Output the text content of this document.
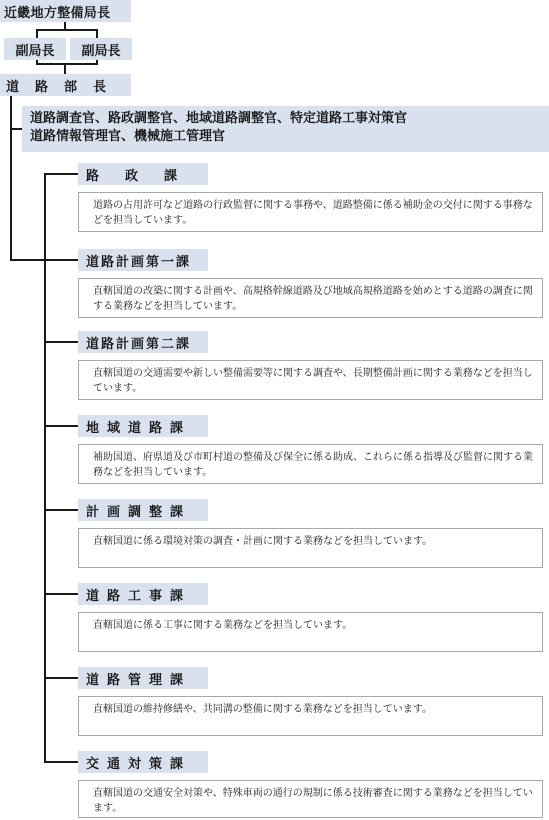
近畿地方整備局長
副局長	副局長
道路部長
道路調査官、路政調整官、地域道路調整官、特定道路工事対策官
道路情報管理官、機械施工管理官
路政課
道路の占用許可など道路の行政監督に関する事務や、道路整備に係る補助金の交付に関する事務などを担当しています。
道路計画第一課
直轄国道の改築に関する計画や、高規格幹線道路及び地域高規格道路を始めとする道路の調査に関する業務などを担当しています。
道路計画第二課
直轄国道の交通需要や新しい整備需要等に関する調査や、長期整備計画に関する業務などを担当しています。
地域道路課
補助国道、府県道及び市町村道の整備及び保全に係る助成、これらに係る指導及び監督に関する業務などを担当しています。
計画調整課
直轄国道に係る環境対策の調査・計画に関する業務などを担当しています。
道路工事課
直轄国道に係る工事に関する業務などを担当しています。
道路管理課
直轄国道の維持修繕や、共同溝の整備に関する業務などを担当しています。
交通対策課
直轄国道の交通安全対策や、特殊車両の通行の規制に係る技術審査に関する業務などを担当しています。
